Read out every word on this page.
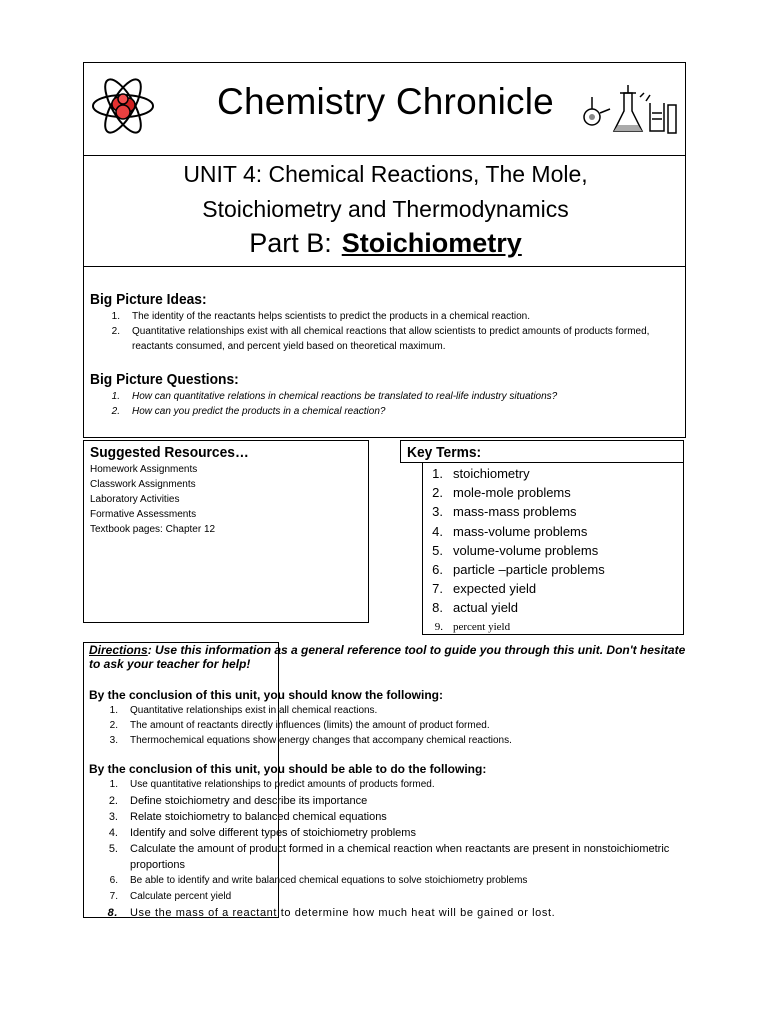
Chemistry Chronicle
UNIT 4: Chemical Reactions, The Mole,
Stoichiometry and Thermodynamics
Part B: Stoichiometry
Big Picture Ideas:
1. The identity of the reactants helps scientists to predict the products in a chemical reaction.
2. Quantitative relationships exist with all chemical reactions that allow scientists to predict amounts of products formed, reactants consumed, and percent yield based on theoretical maximum.
Big Picture Questions:
1. How can quantitative relations in chemical reactions be translated to real-life industry situations?
2. How can you predict the products in a chemical reaction?
Suggested Resources…
Homework Assignments
Classwork Assignments
Laboratory Activities
Formative Assessments
Textbook pages: Chapter 12
Key Terms:
1. stoichiometry
2. mole-mole problems
3. mass-mass problems
4. mass-volume problems
5. volume-volume problems
6. particle –particle problems
7. expected yield
8. actual yield
9. percent yield
Directions: Use this information as a general reference tool to guide you through this unit. Don't hesitate to ask your teacher for help!
By the conclusion of this unit, you should know the following:
1. Quantitative relationships exist in all chemical reactions.
2. The amount of reactants directly influences (limits) the amount of product formed.
3. Thermochemical equations show energy changes that accompany chemical reactions.
By the conclusion of this unit, you should be able to do the following:
1. Use quantitative relationships to predict amounts of products formed.
2. Define stoichiometry and describe its importance
3. Relate stoichiometry to balanced chemical equations
4. Identify and solve different types of stoichiometry problems
5. Calculate the amount of product formed in a chemical reaction when reactants are present in nonstoichiometric proportions
6. Be able to identify and write balanced chemical equations to solve stoichiometry problems
7. Calculate percent yield
8. Use the mass of a reactant to determine how much heat will be gained or lost.
